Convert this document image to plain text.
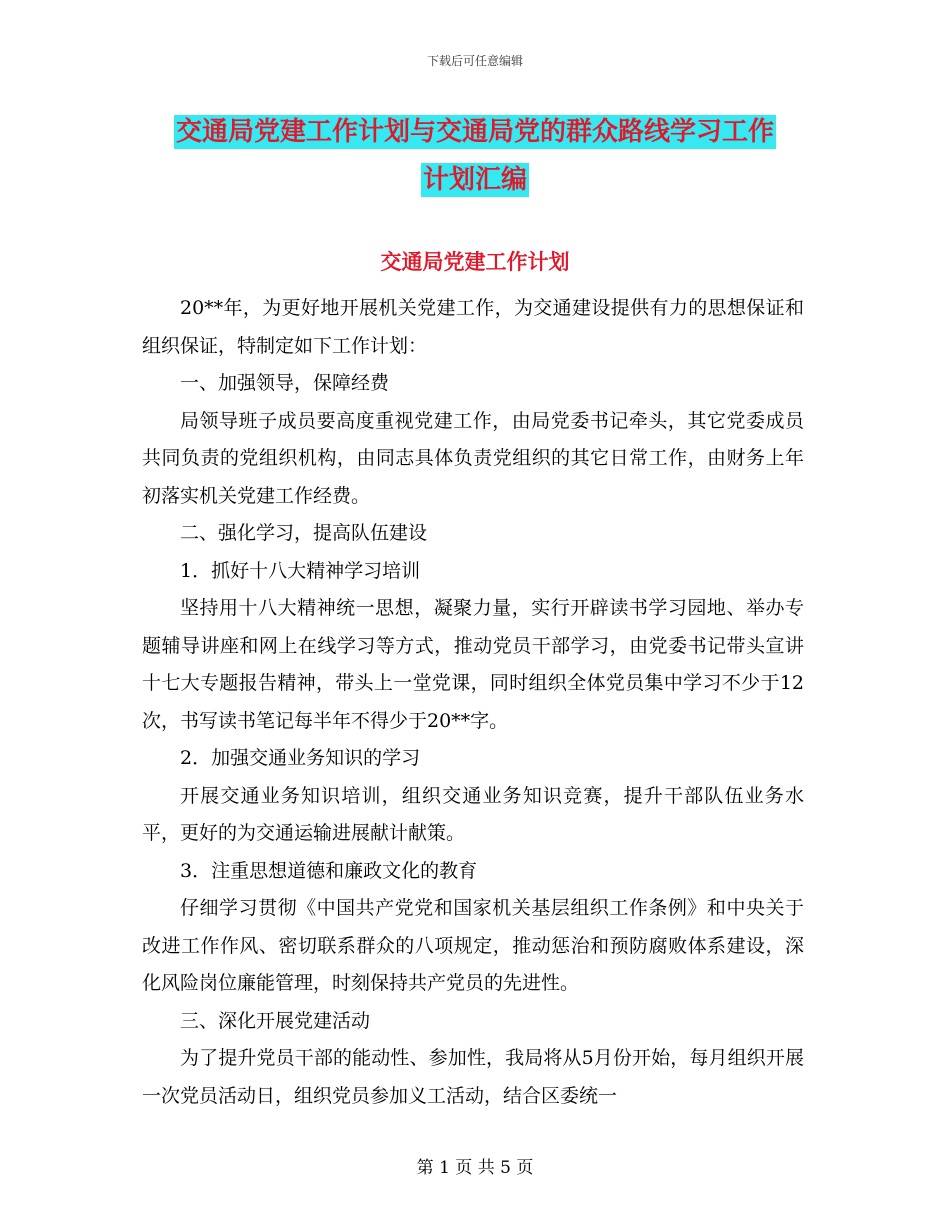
下载后可任意编辑
交通局党建工作计划与交通局党的群众路线学习工作
计划汇编
交通局党建工作计划

20**年，为更好地开展机关党建工作，为交通建设提供有力的思想保证和组织保证，特制定如下工作计划：

一、加强领导，保障经费

局领导班子成员要高度重视党建工作，由局党委书记牵头，其它党委成员共同负责的党组织机构，由同志具体负责党组织的其它日常工作，由财务上年初落实机关党建工作经费。

二、强化学习，提高队伍建设

1．抓好十八大精神学习培训

坚持用十八大精神统一思想，凝聚力量，实行开辟读书学习园地、举办专题辅导讲座和网上在线学习等方式，推动党员干部学习，由党委书记带头宣讲十七大专题报告精神，带头上一堂党课，同时组织全体党员集中学习不少于12次，书写读书笔记每半年不得少于20**字。

2．加强交通业务知识的学习

开展交通业务知识培训，组织交通业务知识竞赛，提升干部队伍业务水平，更好的为交通运输进展献计献策。

3．注重思想道德和廉政文化的教育

仔细学习贯彻《中国共产党党和国家机关基层组织工作条例》和中央关于改进工作作风、密切联系群众的八项规定，推动惩治和预防腐败体系建设，深化风险岗位廉能管理，时刻保持共产党员的先进性。

三、深化开展党建活动

为了提升党员干部的能动性、参加性，我局将从5月份开始，每月组织开展一次党员活动日，组织党员参加义工活动，结合区委统一

第 1 页 共 5 页
